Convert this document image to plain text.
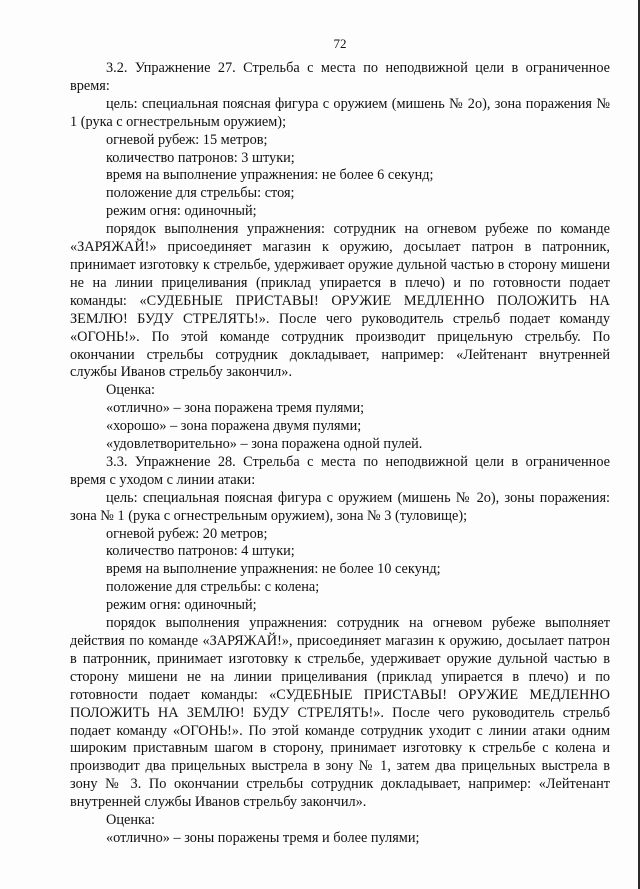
72

3.2. Упражнение 27. Стрельба с места по неподвижной цели в ограниченное время:

цель: специальная поясная фигура с оружием (мишень № 2о), зона поражения № 1 (рука с огнестрельным оружием);

огневой рубеж: 15 метров;

количество патронов: 3 штуки;

время на выполнение упражнения: не более 6 секунд;

положение для стрельбы: стоя;

режим огня: одиночный;

порядок выполнения упражнения: сотрудник на огневом рубеже по команде «ЗАРЯЖАЙ!» присоединяет магазин к оружию, досылает патрон в патронник, принимает изготовку к стрельбе, удерживает оружие дульной частью в сторону мишени не на линии прицеливания (приклад упирается в плечо) и по готовности подает команды: «СУДЕБНЫЕ ПРИСТАВЫ! ОРУЖИЕ МЕДЛЕННО ПОЛОЖИТЬ НА ЗЕМЛЮ! БУДУ СТРЕЛЯТЬ!». После чего руководитель стрельб подает команду «ОГОНЬ!». По этой команде сотрудник производит прицельную стрельбу. По окончании стрельбы сотрудник докладывает, например: «Лейтенант внутренней службы Иванов стрельбу закончил».

Оценка:

«отлично» – зона поражена тремя пулями;

«хорошо» – зона поражена двумя пулями;

«удовлетворительно» – зона поражена одной пулей.

3.3. Упражнение 28. Стрельба с места по неподвижной цели в ограниченное время с уходом с линии атаки:

цель: специальная поясная фигура с оружием (мишень № 2о), зоны поражения: зона № 1 (рука с огнестрельным оружием), зона № 3 (туловище);

огневой рубеж: 20 метров;

количество патронов: 4 штуки;

время на выполнение упражнения: не более 10 секунд;

положение для стрельбы: с колена;

режим огня: одиночный;

порядок выполнения упражнения: сотрудник на огневом рубеже выполняет действия по команде «ЗАРЯЖАЙ!», присоединяет магазин к оружию, досылает патрон в патронник, принимает изготовку к стрельбе, удерживает оружие дульной частью в сторону мишени не на линии прицеливания (приклад упирается в плечо) и по готовности подает команды: «СУДЕБНЫЕ ПРИСТАВЫ! ОРУЖИЕ МЕДЛЕННО ПОЛОЖИТЬ НА ЗЕМЛЮ! БУДУ СТРЕЛЯТЬ!». После чего руководитель стрельб подает команду «ОГОНЬ!». По этой команде сотрудник уходит с линии атаки одним широким приставным шагом в сторону, принимает изготовку к стрельбе с колена и производит два прицельных выстрела в зону № 1, затем два прицельных выстрела в зону № 3. По окончании стрельбы сотрудник докладывает, например: «Лейтенант внутренней службы Иванов стрельбу закончил».

Оценка:

«отлично» – зоны поражены тремя и более пулями;
